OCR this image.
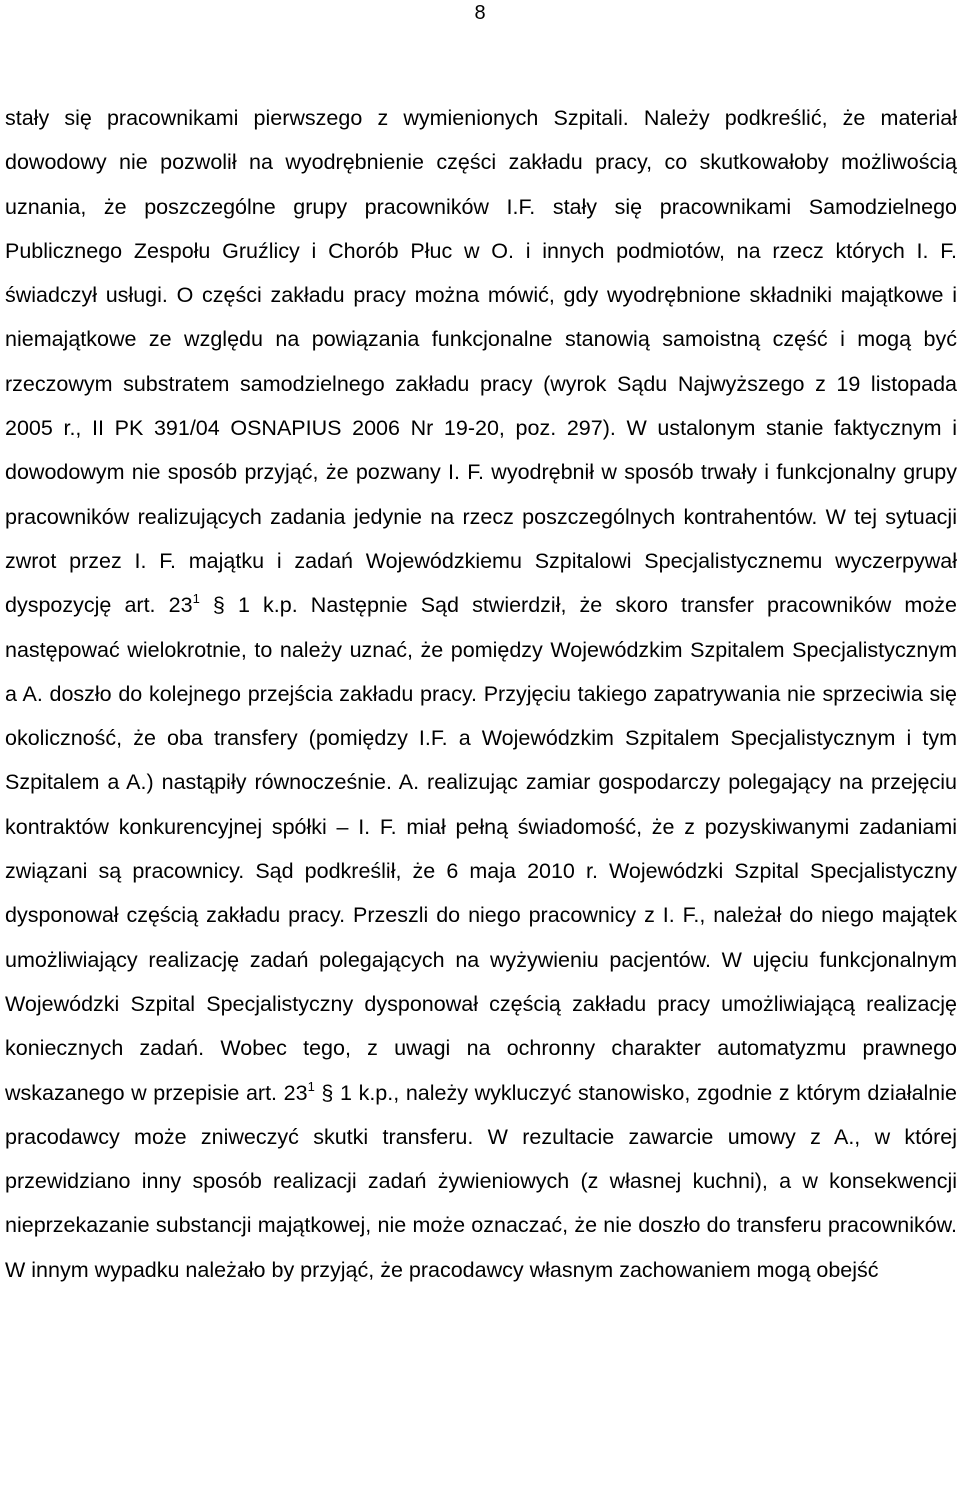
8

stały się pracownikami pierwszego z wymienionych Szpitali. Należy podkreślić, że materiał dowodowy nie pozwolił na wyodrębnienie części zakładu pracy, co skutkowałoby możliwością uznania, że poszczególne grupy pracowników I.F. stały się pracownikami Samodzielnego Publicznego Zespołu Gruźlicy i Chorób Płuc w O. i innych podmiotów, na rzecz których I. F. świadczył usługi. O części zakładu pracy można mówić, gdy wyodrębnione składniki majątkowe i niemajątkowe ze względu na powiązania funkcjonalne stanowią samoistną część i mogą być rzeczowym substratem samodzielnego zakładu pracy (wyrok Sądu Najwyższego z 19 listopada 2005 r., II PK 391/04 OSNAPIUS 2006 Nr 19-20, poz. 297). W ustalonym stanie faktycznym i dowodowym nie sposób przyjąć, że pozwany I. F. wyodrębnił w sposób trwały i funkcjonalny grupy pracowników realizujących zadania jedynie na rzecz poszczególnych kontrahentów. W tej sytuacji zwrot przez I. F. majątku i zadań Wojewódzkiemu Szpitalowi Specjalistycznemu wyczerpywał dyspozycję art. $23^1$ § 1 k.p. Następnie Sąd stwierdził, że skoro transfer pracowników może następować wielokrotnie, to należy uznać, że pomiędzy Wojewódzkim Szpitalem Specjalistycznym a A. doszło do kolejnego przejścia zakładu pracy. Przyjęciu takiego zapatrywania nie sprzeciwia się okoliczność, że oba transfery (pomiędzy I.F. a Wojewódzkim Szpitalem Specjalistycznym i tym Szpitalem a A.) nastąpiły równocześnie. A. realizując zamiar gospodarczy polegający na przejęciu kontraktów konkurencyjnej spółki – I. F. miał pełną świadomość, że z pozyskiwanymi zadaniami związani są pracownicy. Sąd podkreślił, że 6 maja 2010 r. Wojewódzki Szpital Specjalistyczny dysponował częścią zakładu pracy. Przeszli do niego pracownicy z I. F., należał do niego majątek umożliwiający realizację zadań polegających na wyżywieniu pacjentów. W ujęciu funkcjonalnym Wojewódzki Szpital Specjalistyczny dysponował częścią zakładu pracy umożliwiającą realizację koniecznych zadań. Wobec tego, z uwagi na ochronny charakter automatyzmu prawnego wskazanego w przepisie art. $23^1$ § 1 k.p., należy wykluczyć stanowisko, zgodnie z którym działalnie pracodawcy może zniweczyć skutki transferu. W rezultacie zawarcie umowy z A., w której przewidziano inny sposób realizacji zadań żywieniowych (z własnej kuchni), a w konsekwencji nieprzekazanie substancji majątkowej, nie może oznaczać, że nie doszło do transferu pracowników. W innym wypadku należało by przyjąć, że pracodawcy własnym zachowaniem mogą obejść
